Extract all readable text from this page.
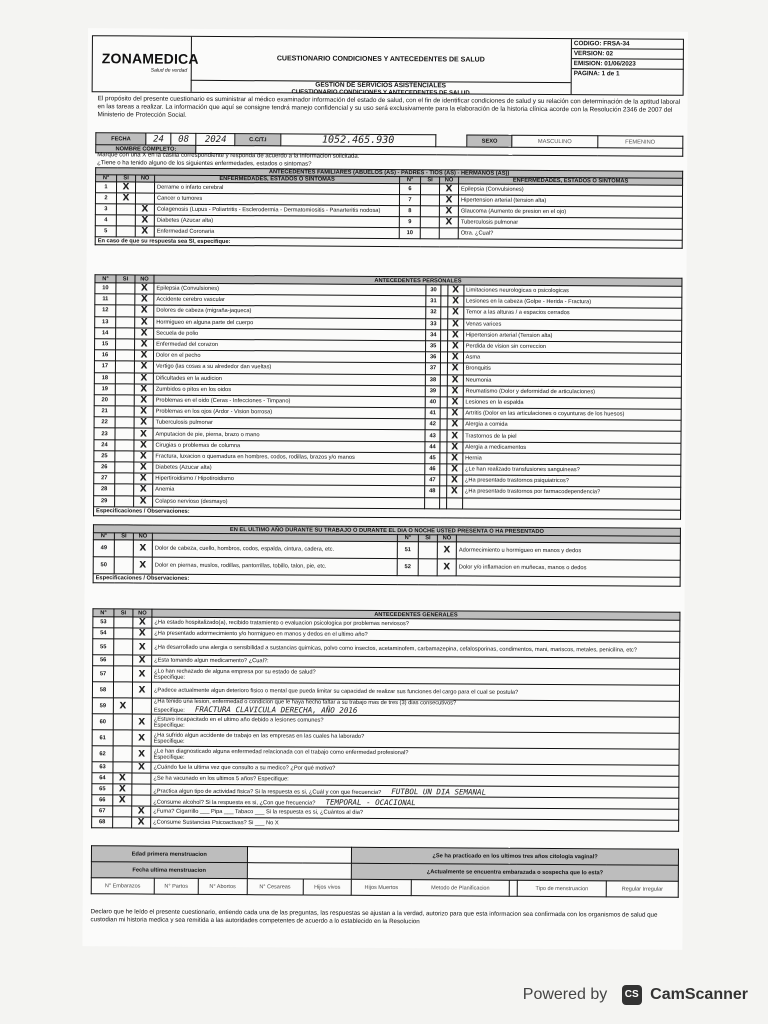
ZONAMEDICA
Salud de verdad
CUESTIONARIO CONDICIONES Y ANTECEDENTES DE SALUD
CODIGO: FRSA-34
VERSION: 02
EMISION: 01/06/2023
PAGINA: 1 de 1
GESTION DE SERVICIOS ASISTENCIALES
CUESTIONARIO CONDICIONES Y ANTECEDENTES DE SALUD
El propósito del presente cuestionario es suministrar al médico examinador información del estado de salud, con el fin de identificar condiciones de salud y su relación con determinación de la aptitud laboral en las tareas a realizar. La información que aquí se consigne tendrá manejo confidencial y su uso será exclusivamente para la elaboración de la historia clínica acorde con la Resolución 2346 de 2007 del Ministerio de Protección Social.
FECHA	24	08	2024	C.C/T.I	1052.465.930		SEXO	MASCULINO	FEMENINO
NOMBRE COMPLETO:									
Marque con una X en la casilla correspondiente y responda de acuerdo a la informacion solicitada.
¿Tiene o ha tenido alguno de los siguientes enfermedades, estados o sintomas?
ANTECEDENTES FAMILIARES (ABUELOS (AS) - PADRES - TIOS (AS) - HERMANOS (AS))							
N°	SI	NO	ENFERMEDADES, ESTADOS O SINTOMAS	N°	SI	NO	ENFERMEDADES, ESTADOS O SINTOMAS
1	X		Derrame o infarto cerebral	6		X	Epilepsia (Convulsiones)
2	X		Cancer o tumores	7		X	Hipertension arterial (tension alta)
3		X	Colagenosis (Lupus - Poliartritis - Esclerodermia - Dermatomiositis - Panarteritis nodosa)	8		X	Glaucoma (Aumento de presion en el ojo)
4		X	Diabetes (Azucar alta)	9		X	Tuberculosis pulmonar
5		X	Enfermedad Coronaria	10			Otra. ¿Cual?
En caso de que su respuesta sea SI, especifique:							
N°	SI	NO	ANTECEDENTES PERSONALES				
10		X	Epilepsia (Convulsiones)	30		X	Limitaciones neurologicas o psicologicas
11		X	Accidente cerebro vascular	31		X	Lesiones en la cabeza (Golpe - Herida - Fractura)
12		X	Dolores de cabeza (migraña-jaqueca)	32		X	Temor a las alturas / a espacios cerrados
13		X	Hormigueo en alguna parte del cuerpo	33		X	Venas varices
14		X	Secuela de polio	34		X	Hipertension arterial (Tension alta)
15		X	Enfermedad del corazon	35		X	Perdida de vision sin correccion
16		X	Dolor en el pecho	36		X	Asma
17		X	Vertigo (las cosas a su alrededor dan vueltas)	37		X	Bronquitis
18		X	Dificultades en la audicion	38		X	Neumonia
19		X	Zumbidos o pitos en los oidos	39		X	Reumatismo (Dolor y deformidad de articulaciones)
20		X	Problemas en el oido (Ceras - Infecciones - Timpano)	40		X	Lesiones en la espalda
21		X	Problemas en los ojos (Ardor - Vision borrosa)	41		X	Artritis (Dolor en las articulaciones o coyunturas de los huesos)
22		X	Tuberculosis pulmonar	42		X	Alergia a comida
23		X	Amputacion de pie, pierna, brazo o mano	43		X	Trastornos de la piel
24		X	Cirugias o problemas de columna	44		X	Alergia a medicamentos
25		X	Fractura, luxacion o quemadura en hombres, codos, rodillas, brazos y/o manos	45		X	Hernia
26		X	Diabetes (Azucar alta)	46		X	¿Le han realizado transfusiones sanguineas?
27		X	Hipertiroidismo / Hipotiroidismo	47		X	¿Ha presentado trastornos psiquiatricos?
28		X	Anemia	48		X	¿Ha presentado trastornos por farmacodependencia?
29		X	Colapso nervioso (desmayo)				
Especificaciones / Observaciones:							
EN EL ULTIMO AÑO DURANTE SU TRABAJO O DURANTE EL DIA O NOCHE USTED PRESENTA O HA PRESENTADO							
N°	SI	NO		N°	SI	NO	
49		X	Dolor de cabeza, cuello, hombros, codos, espalda, cintura, cadera, etc.	51		X	Adormecimiento u hormigueo en manos y dedos
50		X	Dolor en piernas, muslos, rodillas, pantorrillas, tobillo, talon, pie, etc.	52		X	Dolor y/o inflamacion en muñecas, manos o dedos
Especificaciones / Observaciones:							
N°	SI	NO	ANTECEDENTES GENERALES
53		X	¿Ha estado hospitalizado(a), recibido tratamiento o evaluacion psicologica por problemas nerviosos?
54		X	¿Ha presentado adormecimiento y/o hormigueo en manos y dedos en el ultimo año?
55		X	¿Ha desarrollado una alergia o sensibilidad a sustancias quimicas, polvo como insectos, acetaminofem, carbamazepina, cefalosporinas, condimentos, mani, mariscos, metales, penicilina, etc?
56		X	¿Esta tomando algun medicamento? ¿Cual?:
57		X	¿Lo han rechazado de alguna empresa por su estado de salud?
Especifique:
58		X	¿Padece actualmente algun deterioro fisico o mental que pueda limitar su capacidad de realizar sus funciones del cargo para el cual se postula?
59	X		¿Ha tenido una lesion, enfermedad o condicion que le haya hecho faltar a su trabajo mas de tres (3) dias consecutivos?
Especifique: FRACTURA CLAVICULA DERECHA, AÑO 2016
60		X	¿Estuvo incapacitado en el ultimo año debido a lesiones comunes?
Especifique:
61		X	¿Ha sufrido algun accidente de trabajo en las empresas en las cuales ha laborado?
Especifique:
62		X	¿Le han diagnosticado alguna enfermedad relacionada con el trabajo como enfermedad profesional?
Especifique:
63		X	¿Cuándo fue la ultima vez que consulto a su medico? ¿Por qué motivo?
64	X		¿Se ha vacunado en los ultimos 5 años? Especifique:
65	X		¿Practica algun tipo de actividad fisica? Si la respuesta es si, ¿Cuál y con que frecuencia? FUTBOL UN DIA SEMANAL
66	X		¿Consume alcohol? Si la respuesta es si, ¿Con que frecuencia? TEMPORAL - OCACIONAL
67		X	¿Fuma? Cigarrillo ___ Pipa ___ Tabaco ___ Si la respuesta es si, ¿Cuántos al dia?
68		X	¿Consume Sustancias Psicoactivas? Si ___ No X
Edad primera menstruacion					¿Se ha practicado en los ultimos tres años citologia vaginal?				
Fecha ultima menstruacion					¿Actualmente se encuentra embarazada o sospecha que lo esta?				
N° Embarazos	N° Partos	N° Abortos	N° Cesareas	Hijos vivos	Hijos Muertos	Metodo de Planificacion		Tipo de menstruacion	Regular Irregular
Declaro que he leído el presente cuestionario, entiendo cada una de las preguntas, las respuestas se ajustan a la verdad, autorizo para que esta informacion sea confirmada con los organismos de salud que custodian mi historia medica y sea remitida a las autoridades competentes de acuerdo a lo establecido en la Resolucion
Powered by CS CamScanner
